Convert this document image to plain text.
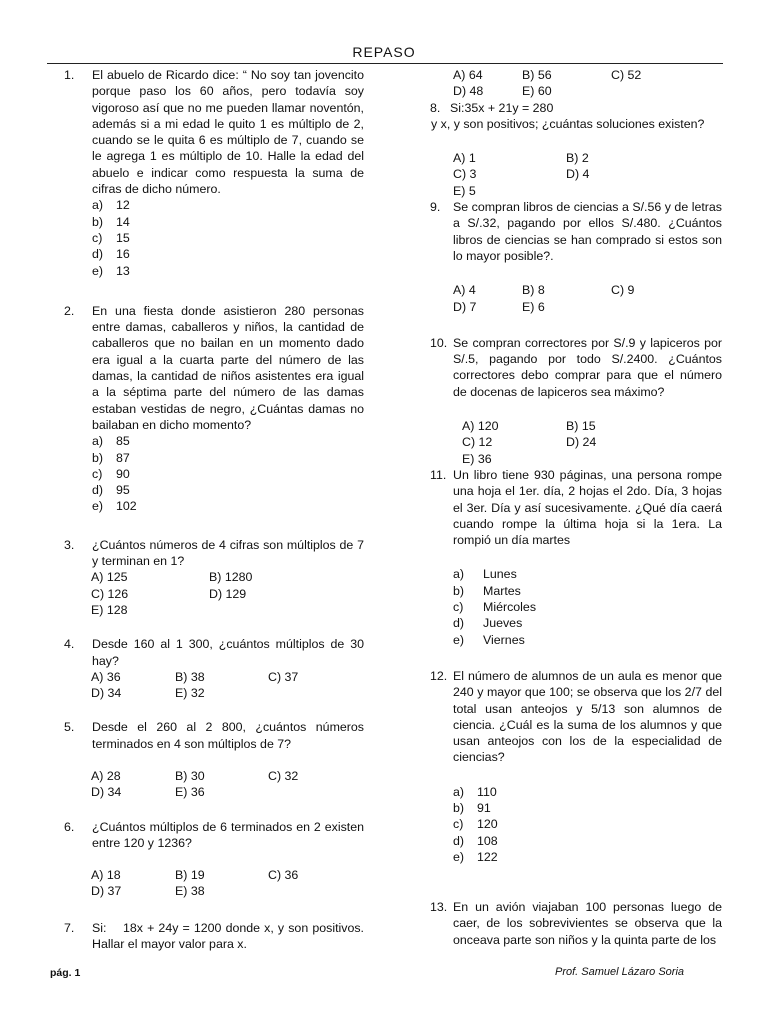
REPASO
1. El abuelo de Ricardo dice: “ No soy tan jovencito porque paso los 60 años, pero todavía soy vigoroso así que no me pueden llamar noventón, además si a mi edad le quito 1 es múltiplo de 2, cuando se le quita 6 es múltiplo de 7, cuando se le agrega 1 es múltiplo de 10. Halle la edad del abuelo e indicar como respuesta la suma de cifras de dicho número.
a)	12
b)	14
c)	15
d)	16
e)	13
2. En una fiesta donde asistieron 280 personas entre damas, caballeros y niños, la cantidad de caballeros que no bailan en un momento dado era igual a la cuarta parte del número de las damas, la cantidad de niños asistentes era igual a la séptima parte del número de las damas estaban vestidas de negro, ¿Cuántas damas no bailaban en dicho momento?
a)	85
b)	87
c)	90
d)	95
e)	102
3. ¿Cuántos números de 4 cifras son múltiplos de 7 y terminan en 1?
A) 125	B) 1280
C) 126	D) 129
E) 128
4. Desde 160 al 1 300, ¿cuántos múltiplos de 30 hay?
A) 36	B) 38	C) 37
D) 34	E) 32
5. Desde el 260 al 2 800, ¿cuántos números terminados en 4 son múltiplos de 7?
A) 28	B) 30	C) 32
D) 34	E) 36
6. ¿Cuántos múltiplos de 6 terminados en 2 existen entre 120 y 1236?
A) 18	B) 19	C) 36
D) 37	E) 38
7. Si:    18x + 24y = 1200 donde x, y son positivos. Hallar el mayor valor para x.
A) 64	B) 56	C) 52
D) 48	E) 60
8. Si:35x + 21y = 280
y x, y son positivos; ¿cuántas soluciones existen?
A) 1	B) 2
C) 3	D) 4
E) 5
9. Se compran libros de ciencias a S/.56 y de letras a S/.32, pagando por ellos S/.480. ¿Cuántos libros de ciencias se han comprado si estos son lo mayor posible?.
A) 4	B) 8	C) 9
D) 7	E) 6
10. Se compran correctores por S/.9 y lapiceros por S/.5, pagando por todo S/.2400. ¿Cuántos correctores debo comprar para que el número de docenas de lapiceros sea máximo?
A) 120	B) 15
C) 12	D) 24
E) 36
11. Un libro tiene 930 páginas, una persona rompe una hoja el 1er. día, 2 hojas el 2do. Día, 3 hojas el 3er. Día y así sucesivamente. ¿Qué día caerá cuando rompe la última hoja si la 1era. La rompió un día martes
a)	Lunes
b)	Martes
c)	Miércoles
d)	Jueves
e)	Viernes
12. El número de alumnos de un aula es menor que 240 y mayor que 100; se observa que los 2/7 del total usan anteojos y 5/13 son alumnos de ciencia. ¿Cuál es la suma de los alumnos y que usan anteojos con los de la especialidad de ciencias?
a)	110
b)	91
c)	120
d)	108
e)	122
13. En un avión viajaban 100 personas luego de caer, de los sobrevivientes se observa que la onceava parte son niños y la quinta parte de los
pág. 1	Prof. Samuel Lázaro Soria
